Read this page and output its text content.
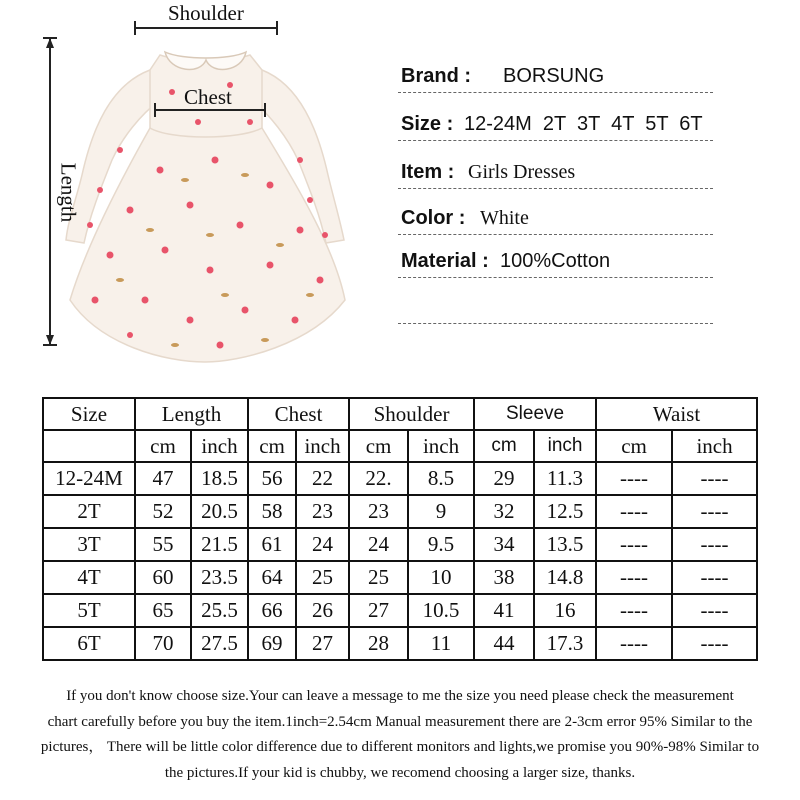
Shoulder
Chest
Length
Brand : BORSUNG
Size : 12-24M  2T  3T  4T  5T  6T
Item : Girls Dresses
Color : White
Material : 100%Cotton
Size	Length		Chest		Shoulder		Sleeve		Waist	
	cm	inch	cm	inch	cm	inch	cm	inch	cm	inch
12-24M	47	18.5	56	22	22.	8.5	29	11.3	----	----
2T	52	20.5	58	23	23	9	32	12.5	----	----
3T	55	21.5	61	24	24	9.5	34	13.5	----	----
4T	60	23.5	64	25	25	10	38	14.8	----	----
5T	65	25.5	66	26	27	10.5	41	16	----	----
6T	70	27.5	69	27	28	11	44	17.3	----	----
If you don't know choose size.Your can leave a message to me the size you need please check the measurement
chart carefully before you buy the item.1inch=2.54cm Manual measurement there are 2-3cm error 95% Similar to the
pictures， There will be little color difference due to different monitors and lights,we promise you 90%-98% Similar to
the pictures.If your kid is chubby, we recomend choosing a larger size, thanks.
